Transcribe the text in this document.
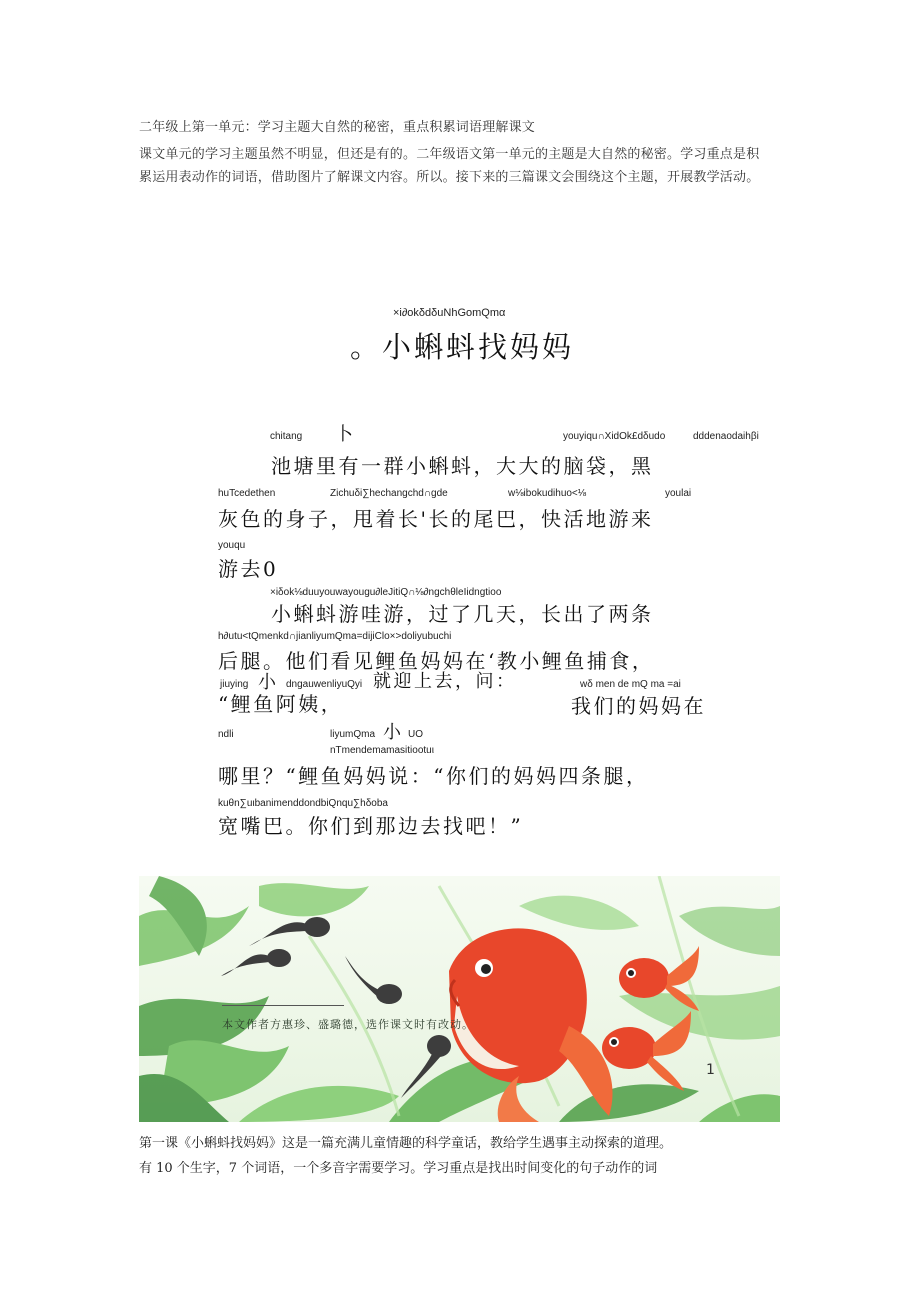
二年级上第一单元：学习主题大自然的秘密，重点积累词语理解课文
课文单元的学习主题虽然不明显，但还是有的。二年级语文第一单元的主题是大自然的秘密。学习重点是积
累运用表动作的词语，借助图片了解课文内容。所以。接下来的三篇课文会围绕这个主题，开展教学活动。
×i∂okδdδuNhGomQmα
。小蝌蚪找妈妈
chitang 卜	youyiqu∩XidOk£dδudo	dddenaodaihβi
池塘里有一群小蝌蚪，大大的脑袋，黑
huTcedethen	Zichuδi∑hechangchd∩gde	w⅛ibokudihuo<⅛	youlai
灰色的身子，甩着长'长的尾巴，快活地游来
youqu
游去0
×iδok⅛duuyouwayougu∂leJitiQ∩⅛∂ngchθleIidngtioo
小蝌蚪游哇游，过了几天，长出了两条
h∂utu<tQmenkd∩jianliyumQma=dijiClo×>doliyubuchi
后腿。他们看见鲤鱼妈妈在‘教小鲤鱼捕食，
jiuying 小 dngauwenliyuQyi 就迎上去，问：	wδ men de mQ ma =ai
“鲤鱼阿姨，	我们的妈妈在
ndli	liyumQma 小 UO
nTmendemamasitiootuι
哪里？“鲤鱼妈妈说：“你们的妈妈四条腿，
kuθn∑uιbanimenddondbiQnqu∑hδoba
宽嘴巴。你们到那边去找吧！”
本文作者方惠珍、盛璐德，选作课文时有改动。
1
第一课《小蝌蚪找妈妈》这是一篇充满儿童情趣的科学童话，教给学生遇事主动探索的道理。
有 10 个生字，7 个词语，一个多音字需要学习。学习重点是找出时间变化的句子动作的词
